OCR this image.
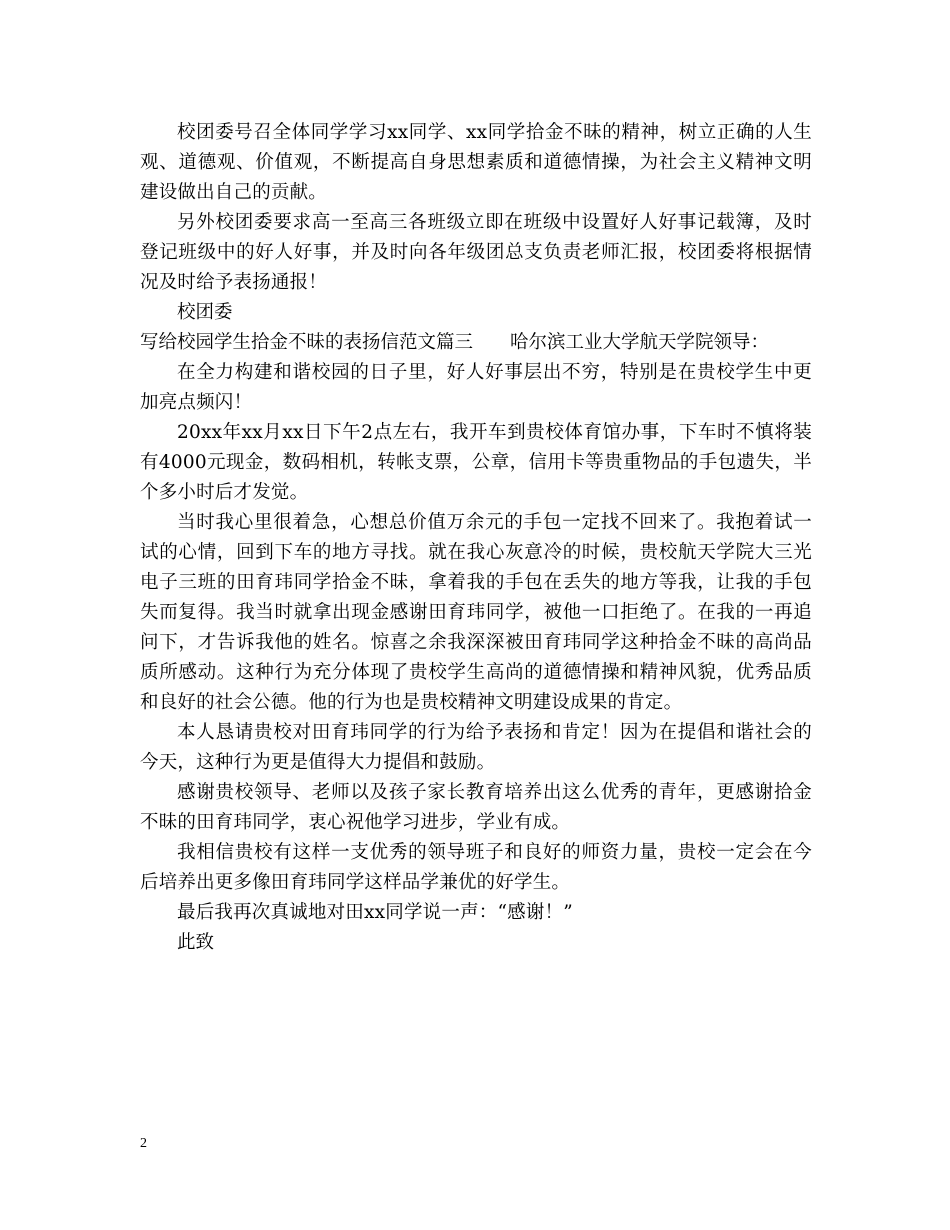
校团委号召全体同学学习xx同学、xx同学拾金不昧的精神，树立正确的人生观、道德观、价值观，不断提高自身思想素质和道德情操，为社会主义精神文明建设做出自己的贡献。

另外校团委要求高一至高三各班级立即在班级中设置好人好事记载簿，及时登记班级中的好人好事，并及时向各年级团总支负责老师汇报，校团委将根据情况及时给予表扬通报！

校团委

写给校园学生拾金不昧的表扬信范文篇三　　哈尔滨工业大学航天学院领导：

在全力构建和谐校园的日子里，好人好事层出不穷，特别是在贵校学生中更加亮点频闪！

20xx年xx月xx日下午2点左右，我开车到贵校体育馆办事，下车时不慎将装有4000元现金，数码相机，转帐支票，公章，信用卡等贵重物品的手包遗失，半个多小时后才发觉。

当时我心里很着急，心想总价值万余元的手包一定找不回来了。我抱着试一试的心情，回到下车的地方寻找。就在我心灰意冷的时候，贵校航天学院大三光电子三班的田育玮同学拾金不昧，拿着我的手包在丢失的地方等我，让我的手包失而复得。我当时就拿出现金感谢田育玮同学，被他一口拒绝了。在我的一再追问下，才告诉我他的姓名。惊喜之余我深深被田育玮同学这种拾金不昧的高尚品质所感动。这种行为充分体现了贵校学生高尚的道德情操和精神风貌，优秀品质和良好的社会公德。他的行为也是贵校精神文明建设成果的肯定。

本人恳请贵校对田育玮同学的行为给予表扬和肯定！因为在提倡和谐社会的今天，这种行为更是值得大力提倡和鼓励。

感谢贵校领导、老师以及孩子家长教育培养出这么优秀的青年，更感谢拾金不昧的田育玮同学，衷心祝他学习进步，学业有成。

我相信贵校有这样一支优秀的领导班子和良好的师资力量，贵校一定会在今后培养出更多像田育玮同学这样品学兼优的好学生。

最后我再次真诚地对田xx同学说一声：“感谢！”

此致

2
